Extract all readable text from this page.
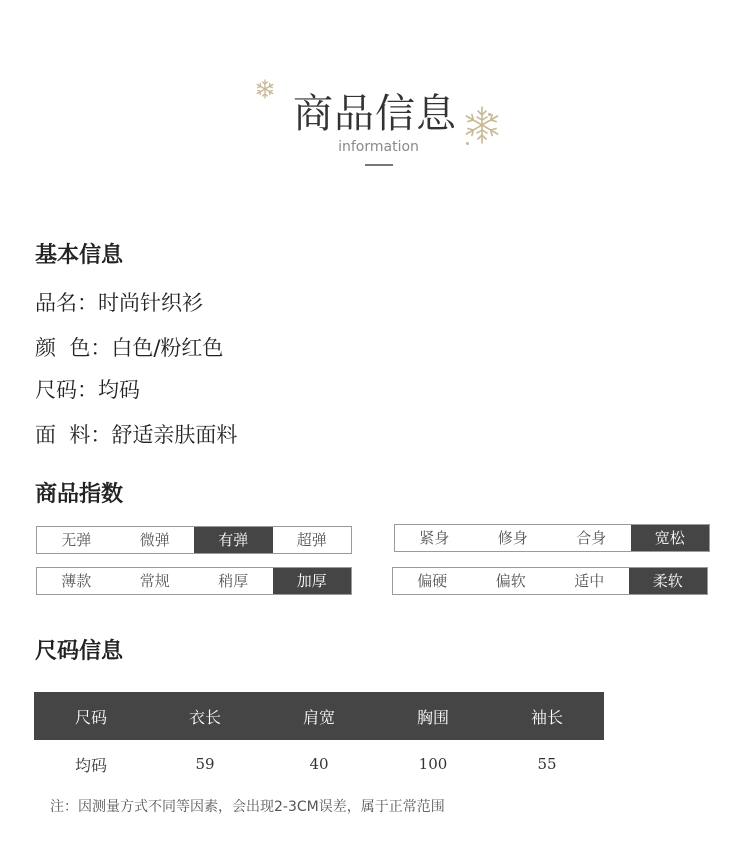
商品信息
information
基本信息
品名：时尚针织衫
颜  色：白色/粉红色
尺码：均码
面  料：舒适亲肤面料
商品指数
无弹	微弹	有弹	超弹	紧身	修身	合身	宽松
薄款	常规	稍厚	加厚	偏硬	偏软	适中	柔软
尺码信息
尺码	衣长	肩宽	胸围	袖长
均码	59	40	100	55
注：因测量方式不同等因素，会出现2-3CM误差，属于正常范围
